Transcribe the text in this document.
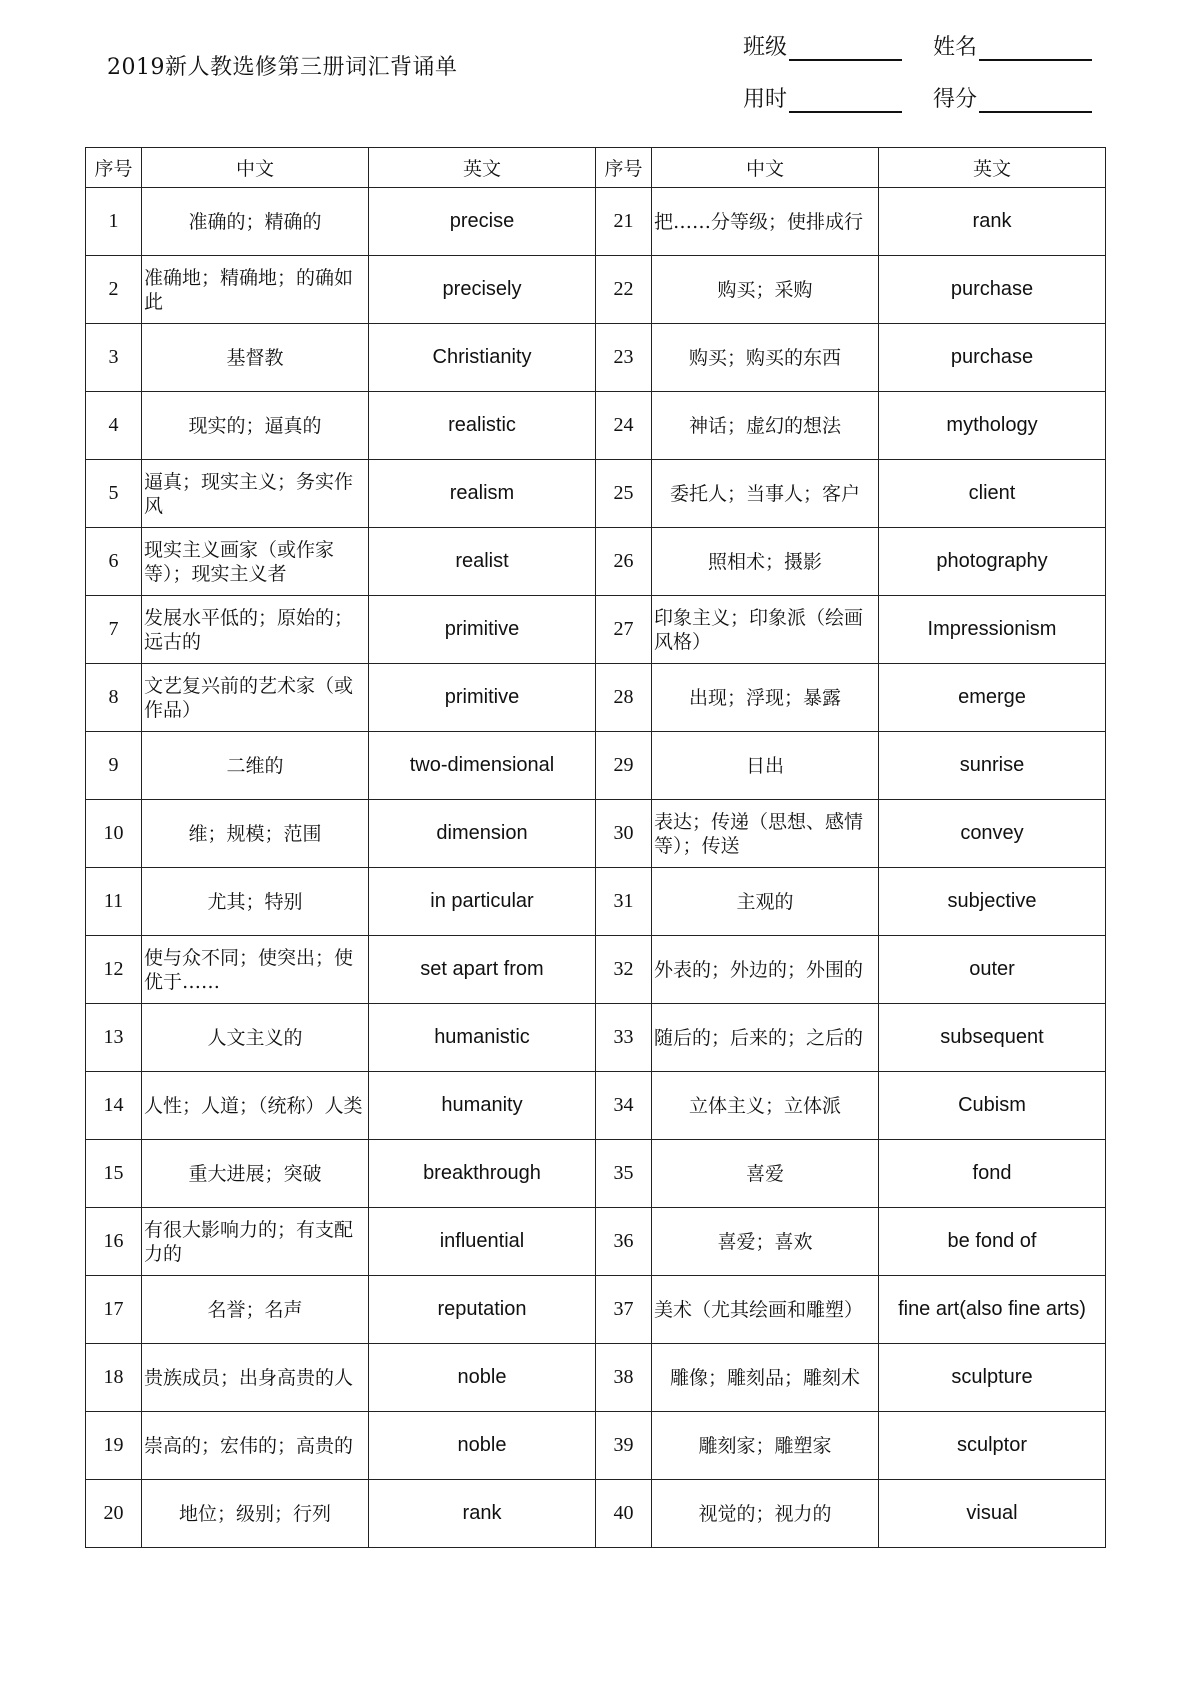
2019新人教选修第三册词汇背诵单
班级	姓名
用时	得分
序号	中文	英文	序号	中文	英文
1	准确的；精确的	precise	21	把……分等级；使排成行	rank
2	准确地；精确地；的确如此	precisely	22	购买；采购	purchase
3	基督教	Christianity	23	购买；购买的东西	purchase
4	现实的；逼真的	realistic	24	神话；虚幻的想法	mythology
5	逼真；现实主义；务实作风	realism	25	委托人；当事人；客户	client
6	现实主义画家（或作家等）；现实主义者	realist	26	照相术；摄影	photography
7	发展水平低的；原始的；远古的	primitive	27	印象主义；印象派（绘画风格）	Impressionism
8	文艺复兴前的艺术家（或作品）	primitive	28	出现；浮现；暴露	emerge
9	二维的	two-dimensional	29	日出	sunrise
10	维；规模；范围	dimension	30	表达；传递（思想、感情等）；传送	convey
11	尤其；特别	in particular	31	主观的	subjective
12	使与众不同；使突出；使优于……	set apart from	32	外表的；外边的；外围的	outer
13	人文主义的	humanistic	33	随后的；后来的；之后的	subsequent
14	人性；人道；（统称）人类	humanity	34	立体主义；立体派	Cubism
15	重大进展；突破	breakthrough	35	喜爱	fond
16	有很大影响力的；有支配力的	influential	36	喜爱；喜欢	be fond of
17	名誉；名声	reputation	37	美术（尤其绘画和雕塑）	fine art(also fine arts)
18	贵族成员；出身高贵的人	noble	38	雕像；雕刻品；雕刻术	sculpture
19	崇高的；宏伟的；高贵的	noble	39	雕刻家；雕塑家	sculptor
20	地位；级别；行列	rank	40	视觉的；视力的	visual
